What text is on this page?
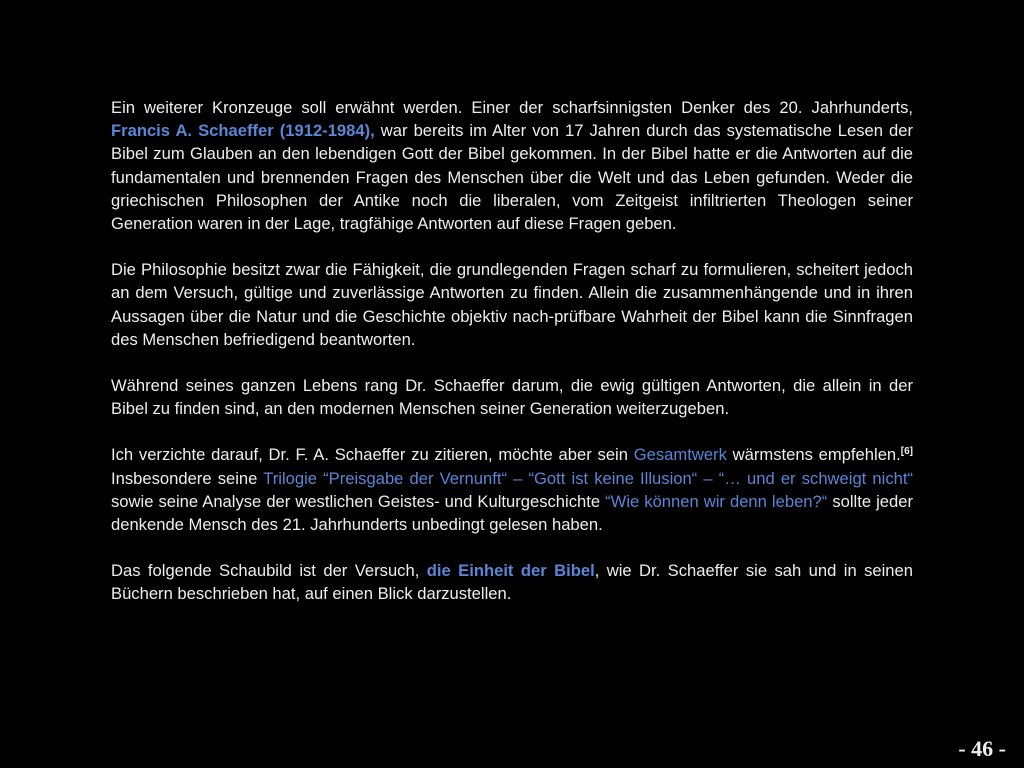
Ein weiterer Kronzeuge soll erwähnt werden. Einer der scharfsinnigsten Denker des 20. Jahrhunderts, Francis A. Schaeffer (1912-1984), war bereits im Alter von 17 Jahren durch das systematische Lesen der Bibel zum Glauben an den lebendigen Gott der Bibel gekommen. In der Bibel hatte er die Antworten auf die fundamentalen und brennenden Fragen des Menschen über die Welt und das Leben gefunden. Weder die griechischen Philosophen der Antike noch die liberalen, vom Zeitgeist infiltrierten Theologen seiner Generation waren in der Lage, tragfähige Antworten auf diese Fragen geben.

Die Philosophie besitzt zwar die Fähigkeit, die grundlegenden Fragen scharf zu formulieren, scheitert jedoch an dem Versuch, gültige und zuverlässige Antworten zu finden. Allein die zusammenhängende und in ihren Aussagen über die Natur und die Geschichte objektiv nach-prüfbare Wahrheit der Bibel kann die Sinnfragen des Menschen befriedigend beantworten.

Während seines ganzen Lebens rang Dr. Schaeffer darum, die ewig gültigen Antworten, die allein in der Bibel zu finden sind, an den modernen Menschen seiner Generation weiterzugeben.

Ich verzichte darauf, Dr. F. A. Schaeffer zu zitieren, möchte aber sein Gesamtwerk wärmstens empfehlen.[6] Insbesondere seine Trilogie “Preisgabe der Vernunft“ – “Gott ist keine Illusion“ – “… und er schweigt nicht“ sowie seine Analyse der westlichen Geistes- und Kulturgeschichte “Wie können wir denn leben?“ sollte jeder denkende Mensch des 21. Jahrhunderts unbedingt gelesen haben.

Das folgende Schaubild ist der Versuch, die Einheit der Bibel, wie Dr. Schaeffer sie sah und in seinen Büchern beschrieben hat, auf einen Blick darzustellen.

- 46 -
